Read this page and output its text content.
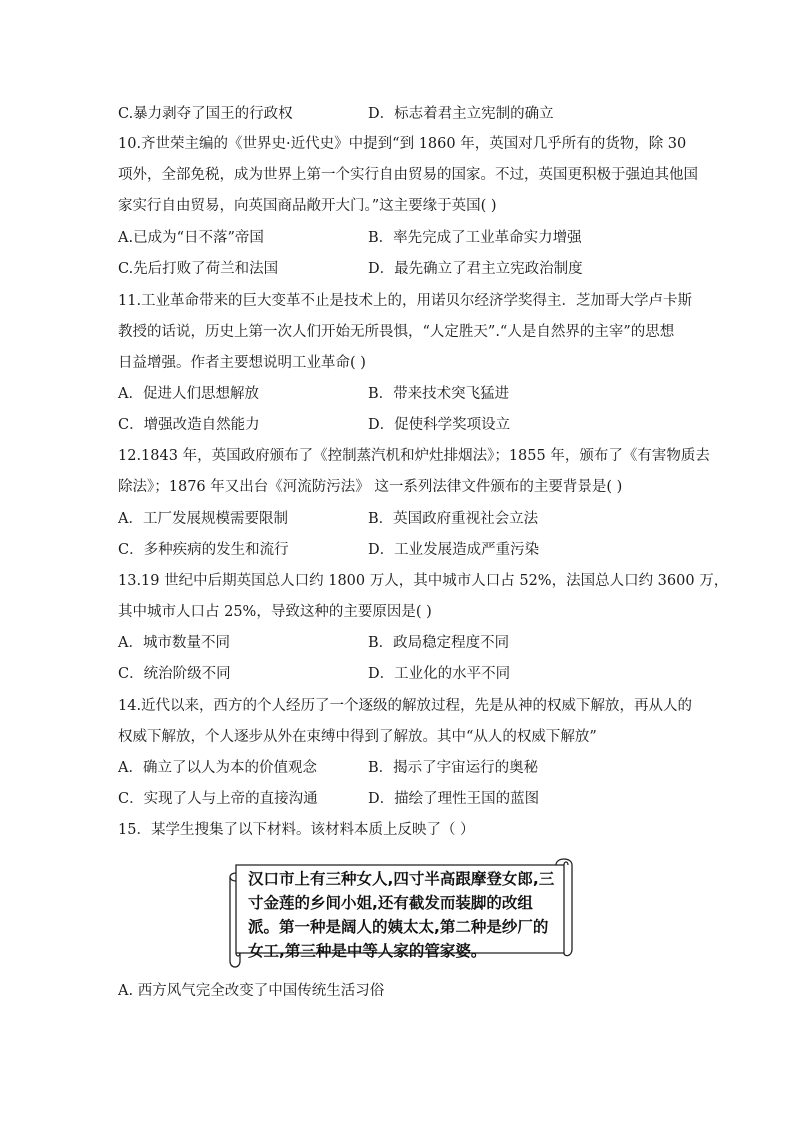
C.暴力剥夺了国王的行政权	D．标志着君主立宪制的确立
10.齐世荣主编的《世界史·近代史》中提到“到 1860 年，英国对几乎所有的货物，除 30
项外，全部免税，成为世界上第一个实行自由贸易的国家。不过，英国更积极于强迫其他国
家实行自由贸易，向英国商品敞开大门。”这主要缘于英国( )
A.已成为“日不落”帝国	B．率先完成了工业革命实力增强
C.先后打败了荷兰和法国	D．最先确立了君主立宪政治制度
11.工业革命带来的巨大变革不止是技术上的，用诺贝尔经济学奖得主．芝加哥大学卢卡斯
教授的话说，历史上第一次人们开始无所畏惧，“人定胜天”.“人是自然界的主宰”的思想
日益增强。作者主要想说明工业革命( )
A．促进人们思想解放	B．带来技术突飞猛进
C．增强改造自然能力	D．促使科学奖项设立
12.1843 年，英国政府颁布了《控制蒸汽机和炉灶排烟法》；1855 年，颁布了《有害物质去
除法》；1876 年又出台《河流防污法》 这一系列法律文件颁布的主要背景是( )
A．工厂发展规模需要限制	B．英国政府重视社会立法
C．多种疾病的发生和流行	D．工业发展造成严重污染
13.19 世纪中后期英国总人口约 1800 万人，其中城市人口占 52%，法国总人口约 3600 万，
其中城市人口占 25%，导致这种的主要原因是( )
A．城市数量不同	B．政局稳定程度不同
C．统治阶级不同	D．工业化的水平不同
14.近代以来，西方的个人经历了一个逐级的解放过程，先是从神的权威下解放，再从人的
权威下解放，个人逐步从外在束缚中得到了解放。其中“从人的权威下解放”
A．确立了以人为本的价值观念	B．揭示了宇宙运行的奥秘
C．实现了人与上帝的直接沟通	D．描绘了理性王国的蓝图
15．某学生搜集了以下材料。该材料本质上反映了（ ）
汉口市上有三种女人,四寸半高跟摩登女郎,三寸金莲的乡间小姐,还有截发而装脚的改组派。第一种是阔人的姨太太,第二种是纱厂的女工,第三种是中等人家的管家婆。
A. 西方风气完全改变了中国传统生活习俗
